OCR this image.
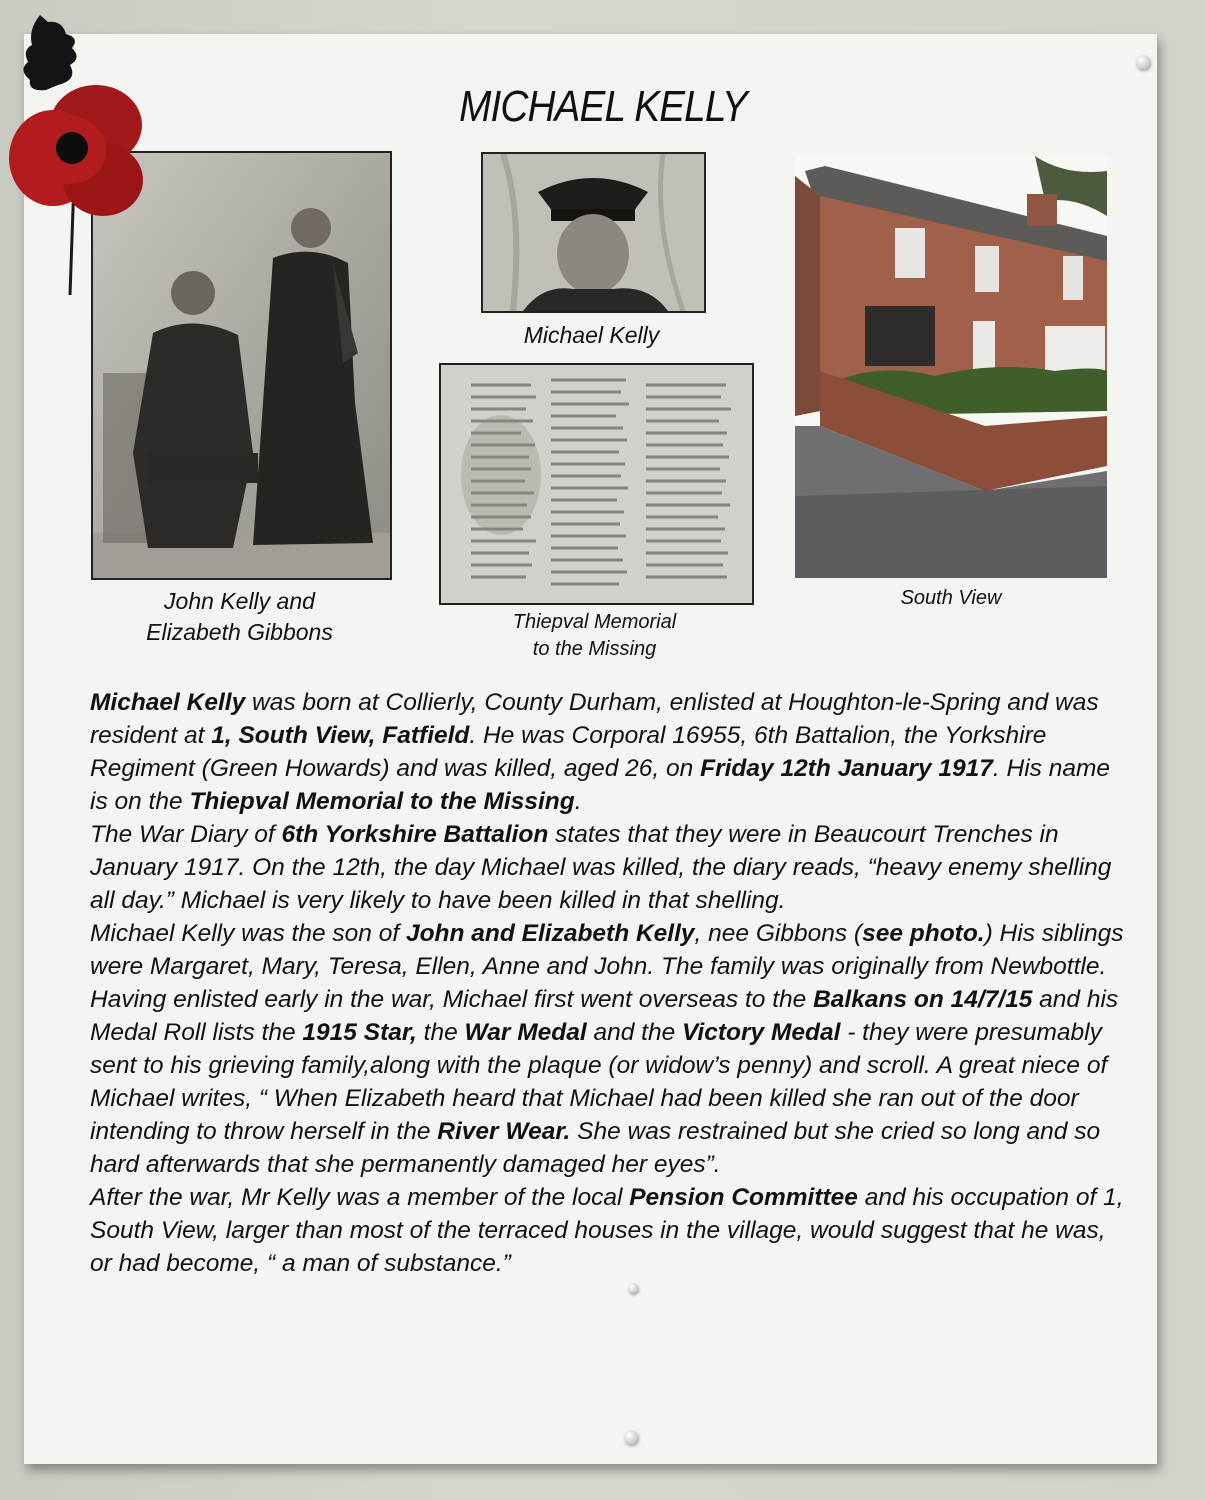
MICHAEL KELLY
John Kelly and
Elizabeth Gibbons
Michael Kelly
Thiepval Memorial
to the Missing
South View

Michael Kelly was born at Collierly, County Durham, enlisted at Houghton-le-Spring and was resident at 1, South View, Fatfield. He was Corporal 16955, 6th Battalion, the Yorkshire Regiment (Green Howards) and was killed, aged 26, on Friday 12th January 1917. His name is on the Thiepval Memorial to the Missing.

The War Diary of 6th Yorkshire Battalion states that they were in Beaucourt Trenches in January 1917. On the 12th, the day Michael was killed, the diary reads, “heavy enemy shelling all day.” Michael is very likely to have been killed in that shelling.

Michael Kelly was the son of John and Elizabeth Kelly, nee Gibbons (see photo.) His siblings were Margaret, Mary, Teresa, Ellen, Anne and John. The family was originally from Newbottle.

Having enlisted early in the war, Michael first went overseas to the Balkans on 14/7/15 and his Medal Roll lists the 1915 Star, the War Medal and the Victory Medal - they were presumably sent to his grieving family,along with the plaque (or widow’s penny) and scroll. A great niece of Michael writes, “ When Elizabeth heard that Michael had been killed she ran out of the door intending to throw herself in the River Wear. She was restrained but she cried so long and so hard afterwards that she permanently damaged her eyes”.

After the war, Mr Kelly was a member of the local Pension Committee and his occupation of 1, South View, larger than most of the terraced houses in the village, would suggest that he was, or had become, “ a man of substance.”
